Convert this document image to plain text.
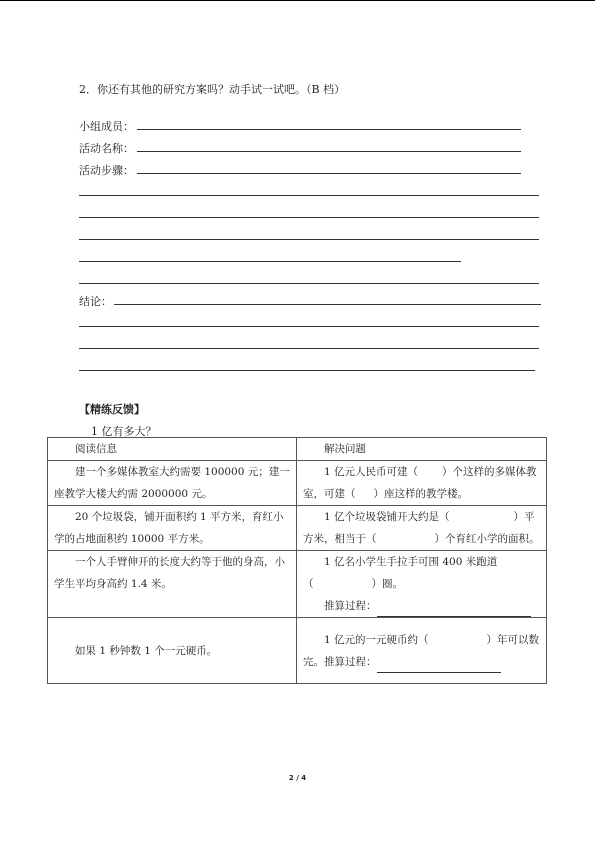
2．你还有其他的研究方案吗？动手试一试吧。（B 档）
小组成员：
活动名称：
活动步骤：
结论：
【精练反馈】
1 亿有多大？
阅读信息	解决问题
建一个多媒体教室大约需要 100000 元；建一座教学大楼大约需 2000000 元。	1 亿元人民币可建（ ）个这样的多媒体教室，可建（ ）座这样的教学楼。
20 个垃圾袋，铺开面积约 1 平方米，育红小学的占地面积约 10000 平方米。	1 亿个垃圾袋铺开大约是（ ）平方米，相当于（ ）个育红小学的面积。
一个人手臂伸开的长度大约等于他的身高，小学生平均身高约 1.4 米。	1 亿名小学生手拉手可围 400 米跑道
（ ）圈。
推算过程：

如果 1 秒钟数 1 个一元硬币。	1 亿元的一元硬币约（ ）年可以数完。推算过程：
2 / 4
